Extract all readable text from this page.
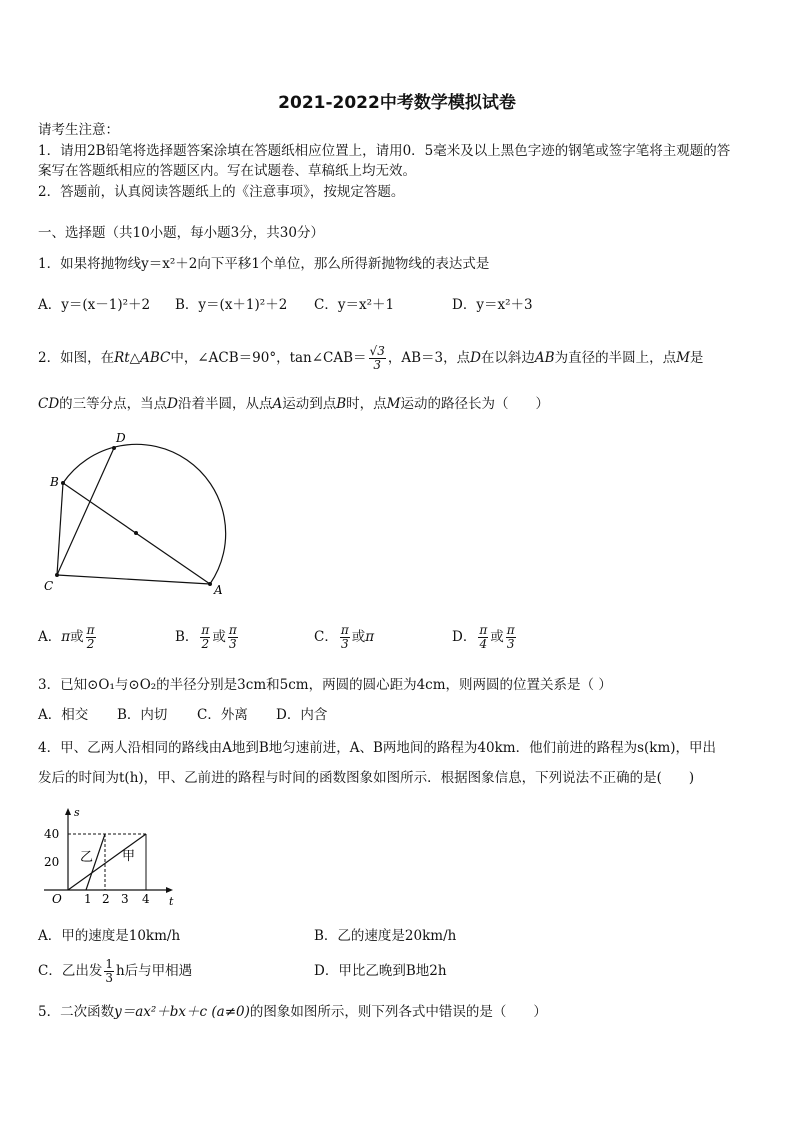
2021-2022中考数学模拟试卷
请考生注意：
1．请用2B铅笔将选择题答案涂填在答题纸相应位置上，请用0．5毫米及以上黑色字迹的钢笔或签字笔将主观题的答
案写在答题纸相应的答题区内。写在试题卷、草稿纸上均无效。
2．答题前，认真阅读答题纸上的《注意事项》，按规定答题。
一、选择题（共10小题，每小题3分，共30分）
1．如果将抛物线y＝x²＋2向下平移1个单位，那么所得新抛物线的表达式是
A．y＝(x－1)²＋2 B．y＝(x＋1)²＋2 C．y＝x²＋1	D．y＝x²＋3
2．如图，在Rt△ABC中，∠ACB＝90°，tan∠CAB＝ $\frac{√3}{3}$ ，AB＝3，点D在以斜边AB为直径的半圆上，点M是
CD的三等分点，当点D沿着半圆，从点A运动到点B时，点M运动的路径长为（　　）
D
B
C	A
A．π或 $\frac{\pi}{2}$	B． $\frac{\pi}{2}$ 或 $\frac{\pi}{3}$	C． $\frac{\pi}{3}$ 或π	D． $\frac{\pi}{4}$ 或 $\frac{\pi}{3}$
3．已知⊙O₁与⊙O₂的半径分别是3cm和5cm，两圆的圆心距为4cm，则两圆的位置关系是（ ）
A．相交 B．内切 C．外离 D．内含
4．甲、乙两人沿相同的路线由A地到B地匀速前进，A、B两地间的路程为40km．他们前进的路程为s(km)，甲出
发后的时间为t(h)，甲、乙前进的路程与时间的函数图象如图所示．根据图象信息，下列说法不正确的是(　　)
s
t
O
40
20
1 2 3 4
乙 甲
A．甲的速度是10km/h	B．乙的速度是20km/h
C．乙出发 $\frac{1}{3}$ h后与甲相遇	D．甲比乙晚到B地2h
5．二次函数y＝ax²＋bx＋c (a≠0)的图象如图所示，则下列各式中错误的是（　　）
